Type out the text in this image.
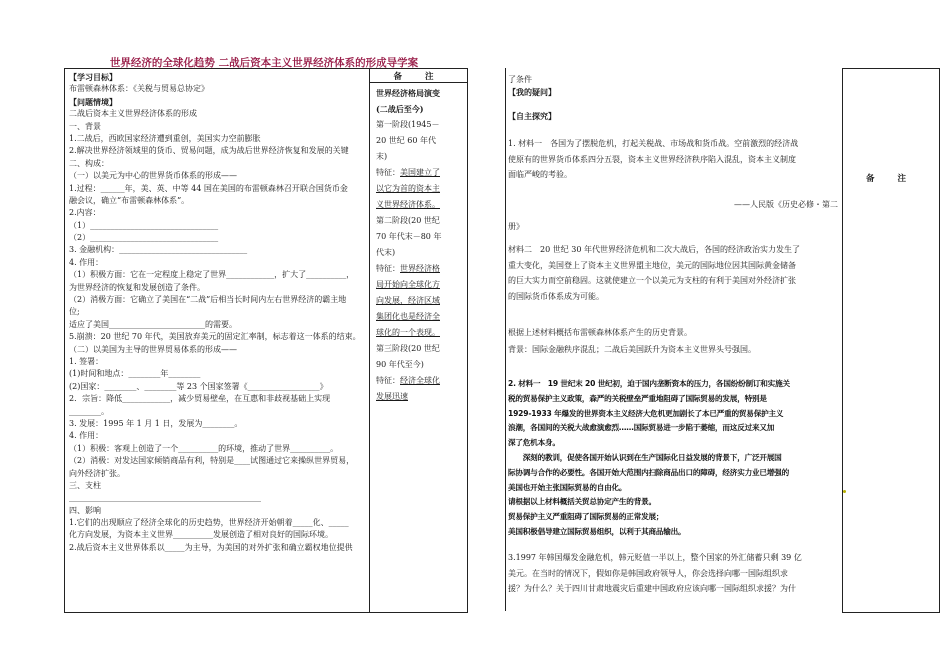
世界经济的全球化趋势 二战后资本主义世界经济体系的形成导学案
【学习目标】
布雷顿森林体系：《关税与贸易总协定》
【问题情境】
二战后资本主义世界经济体系的形成
一、背景
1.二战后，西欧国家经济遭到重创，美国实力空前膨胀
2.解决世界经济领域里的货币、贸易问题，成为战后世界经济恢复和发展的关键
二、构成：
（一）以美元为中心的世界货币体系的形成——
1.过程：______年，美、英、中等 44 国在美国的布雷顿森林召开联合国货币金
融会议，确立“布雷顿森林体系”。
2.内容：
（1）________________________________
（2）________________________________
3. 金融机构：________________________________
4. 作用：
（1）积极方面：它在一定程度上稳定了世界____________，扩大了__________，
为世界经济的恢复和发展创造了条件。
（2）消极方面：它确立了美国在“二战”后相当长时间内左右世界经济的霸主地
位;
适应了美国________________________的需要。
5.崩溃：20 世纪 70 年代，美国放弃美元的固定汇率制，标志着这一体系的结束。
（二）以美国为主导的世界贸易体系的形成——
1. 签署：
(1)时间和地点：________年________
(2)国家：________、________等 23 个国家签署《__________________》
2．宗旨：降低____________，减少贸易壁垒，在互惠和非歧视基础上实现
________。
3. 发展：1995 年 1 月 1 日，发展为________。
4. 作用：
（1）积极：客观上创造了一个__________的环境，推动了世界__________。
（2）消极：对发达国家倾销商品有利，特别是____试图通过它来操纵世界贸易，
向外经济扩张。
三、支柱
________________________________________________
四、影响
1.它们的出现顺应了经济全球化的历史趋势，世界经济开始朝着_____化、_____
化方向发展，为资本主义世界__________发展创造了相对良好的国际环境。
2.战后资本主义世界体系以_____为主导，为美国的对外扩张和确立霸权地位提供
备 注
世界经济格局演变
(二战后至今)
第一阶段(1945－
20 世纪 60 年代
末)
特征：美国建立了
以它为首的资本主
义世界经济体系。
第二阶段(20 世纪
70 年代末－80 年
代末)
特征：世界经济格
局开始向全球化方
向发展，经济区域
集团化也是经济全
球化的一个表现。
第三阶段(20 世纪
90 年代至今)
特征：经济全球化
发展迅速
备 注
了条件
【我的疑问】
【自主探究】
1. 材料一　各国为了摆脱危机，打起关税战、市场战和货币战。空前激烈的经济战
使原有的世界货币体系四分五裂，资本主义世界经济秩序陷入混乱，资本主义制度
面临严峻的考验。
——人民版《历史必修・第二
册》
材料二　20 世纪 30 年代世界经济危机和二次大战后，各国的经济政治实力发生了
重大变化，美国登上了资本主义世界盟主地位，美元的国际地位因其国际黄金储备
的巨大实力而空前稳固。这就使建立一个以美元为支柱的有利于美国对外经济扩张
的国际货币体系成为可能。
根据上述材料概括布雷顿森林体系产生的历史背景。
背景：国际金融秩序混乱；二战后美国跃升为资本主义世界头号强国。
2. 材料一　19 世纪末 20 世纪初，迫于国内垄断资本的压力，各国纷纷制订和实施关
税的贸易保护主义政策，森严的关税壁垒严重地阻碍了国际贸易的发展，特别是
1929-1933 年爆发的世界资本主义经济大危机更加剧长了本已严重的贸易保护主义
浪潮，各国间的关税大战愈演愈烈……国际贸易进一步陷于萎缩，而这反过来又加
深了危机本身。
　　深刻的教训，促使各国开始认识到在生产国际化日益发展的背景下，广泛开展国
际协调与合作的必要性。各国开始大范围内扫除商品出口的障碍，经济实力业已增强的
美国也开始主张国际贸易的自由化。
请根据以上材料概括关贸总协定产生的背景。
贸易保护主义严重阻碍了国际贸易的正常发展；
美国积极倡导建立国际贸易组织，以利于其商品输出。
3.1997 年韩国爆发金融危机，韩元贬值一半以上，整个国家的外汇储蓄只剩 39 亿
美元。在当时的情况下，假如你是韩国政府领导人，你会选择向哪一国际组织求
援？为什么？关于四川甘肃地震灾后重建中国政府应该向哪一国际组织求援？为什
